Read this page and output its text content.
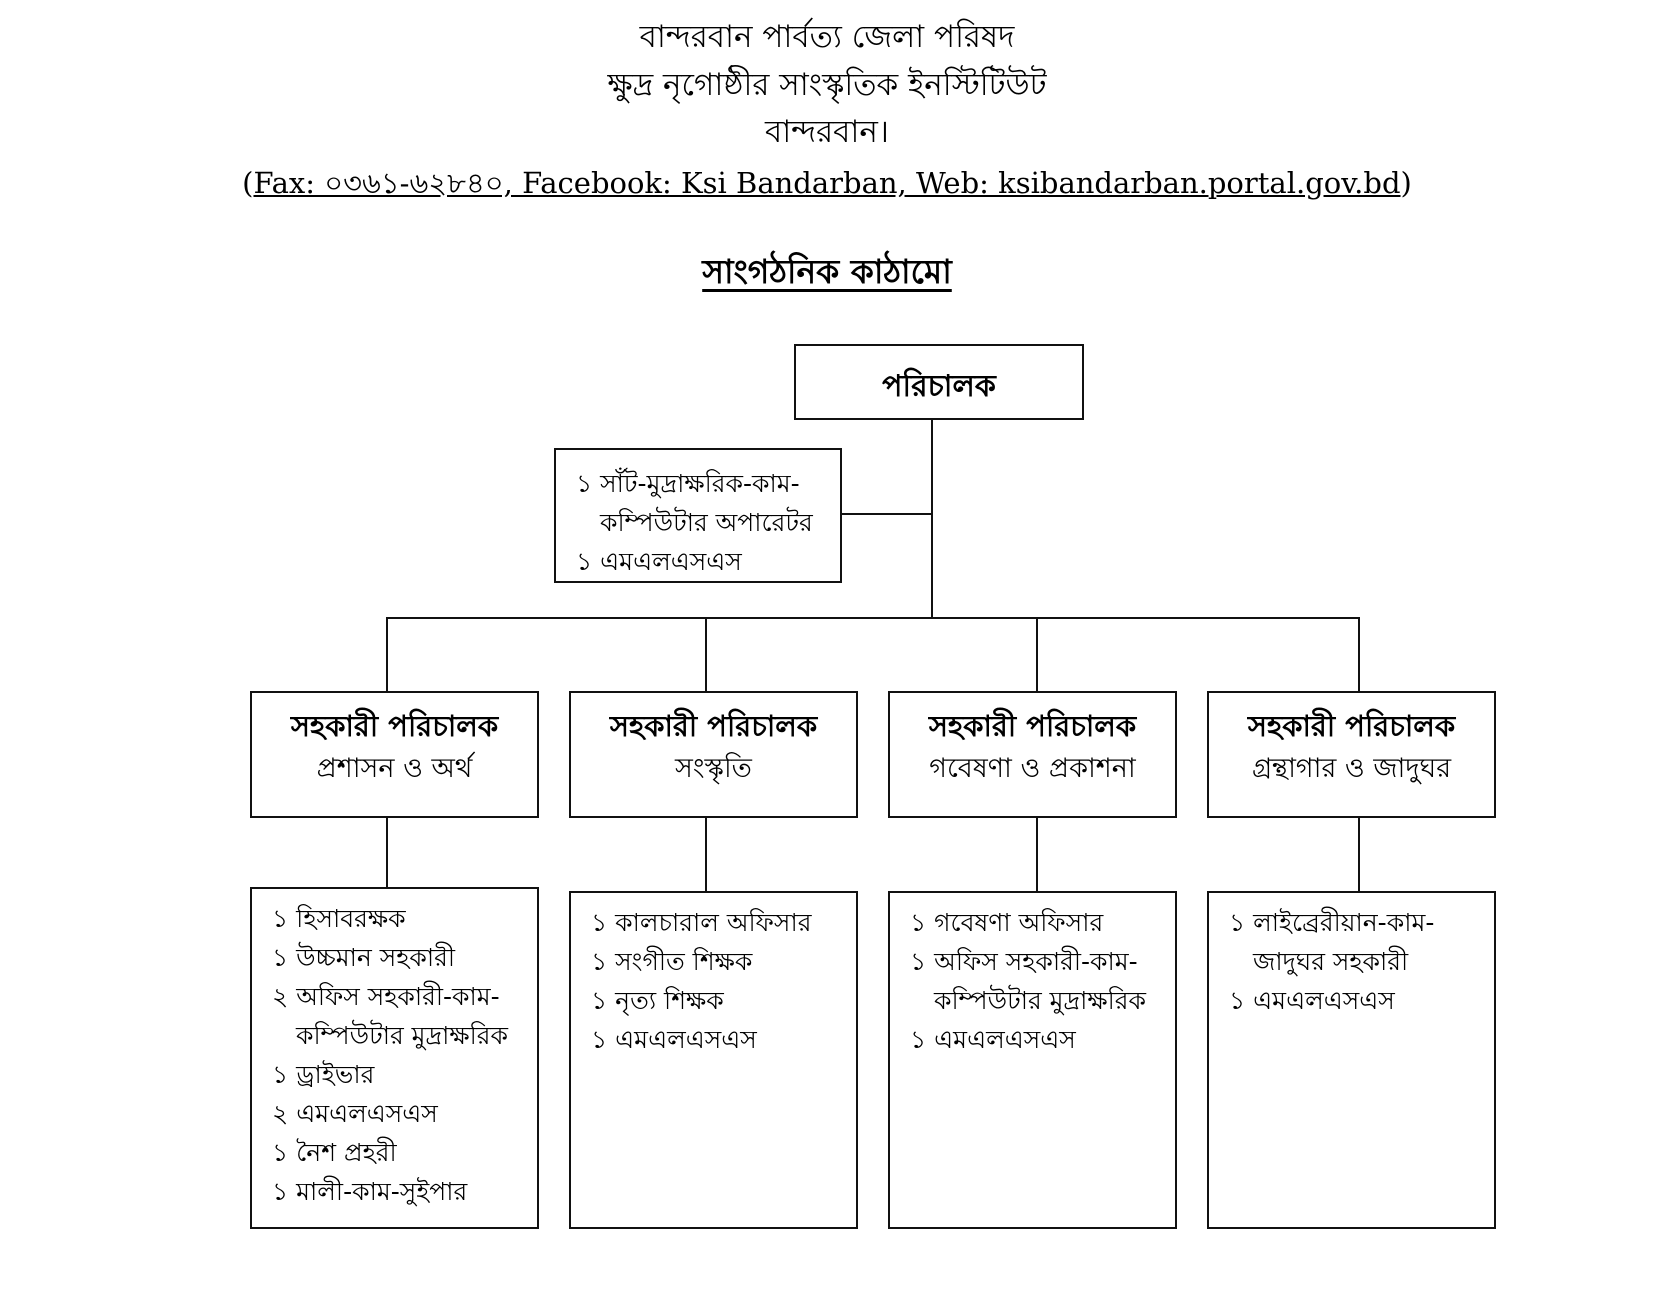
বান্দরবান পার্বত্য জেলা পরিষদ
ক্ষুদ্র নৃগোষ্ঠীর সাংস্কৃতিক ইনস্টিটিউট
বান্দরবান।
(Fax: ০৩৬১-৬২৮৪০, Facebook: Ksi Bandarban, Web: ksibandarban.portal.gov.bd)
সাংগঠনিক কাঠামো
পরিচালক
১ সাঁট-মুদ্রাক্ষরিক-কাম-
কম্পিউটার অপারেটর
১ এমএলএসএস
সহকারী পরিচালক
প্রশাসন ও অর্থ
সহকারী পরিচালক
সংস্কৃতি
সহকারী পরিচালক
গবেষণা ও প্রকাশনা
সহকারী পরিচালক
গ্রন্থাগার ও জাদুঘর
১ হিসাবরক্ষক
১ উচ্চমান সহকারী
২ অফিস সহকারী-কাম-
কম্পিউটার মুদ্রাক্ষরিক
১ ড্রাইভার
২ এমএলএসএস
১ নৈশ প্রহরী
১ মালী-কাম-সুইপার
১ কালচারাল অফিসার
১ সংগীত শিক্ষক
১ নৃত্য শিক্ষক
১ এমএলএসএস
১ গবেষণা অফিসার
১ অফিস সহকারী-কাম-
কম্পিউটার মুদ্রাক্ষরিক
১ এমএলএসএস
১ লাইব্রেরীয়ান-কাম-
জাদুঘর সহকারী
১ এমএলএসএস
